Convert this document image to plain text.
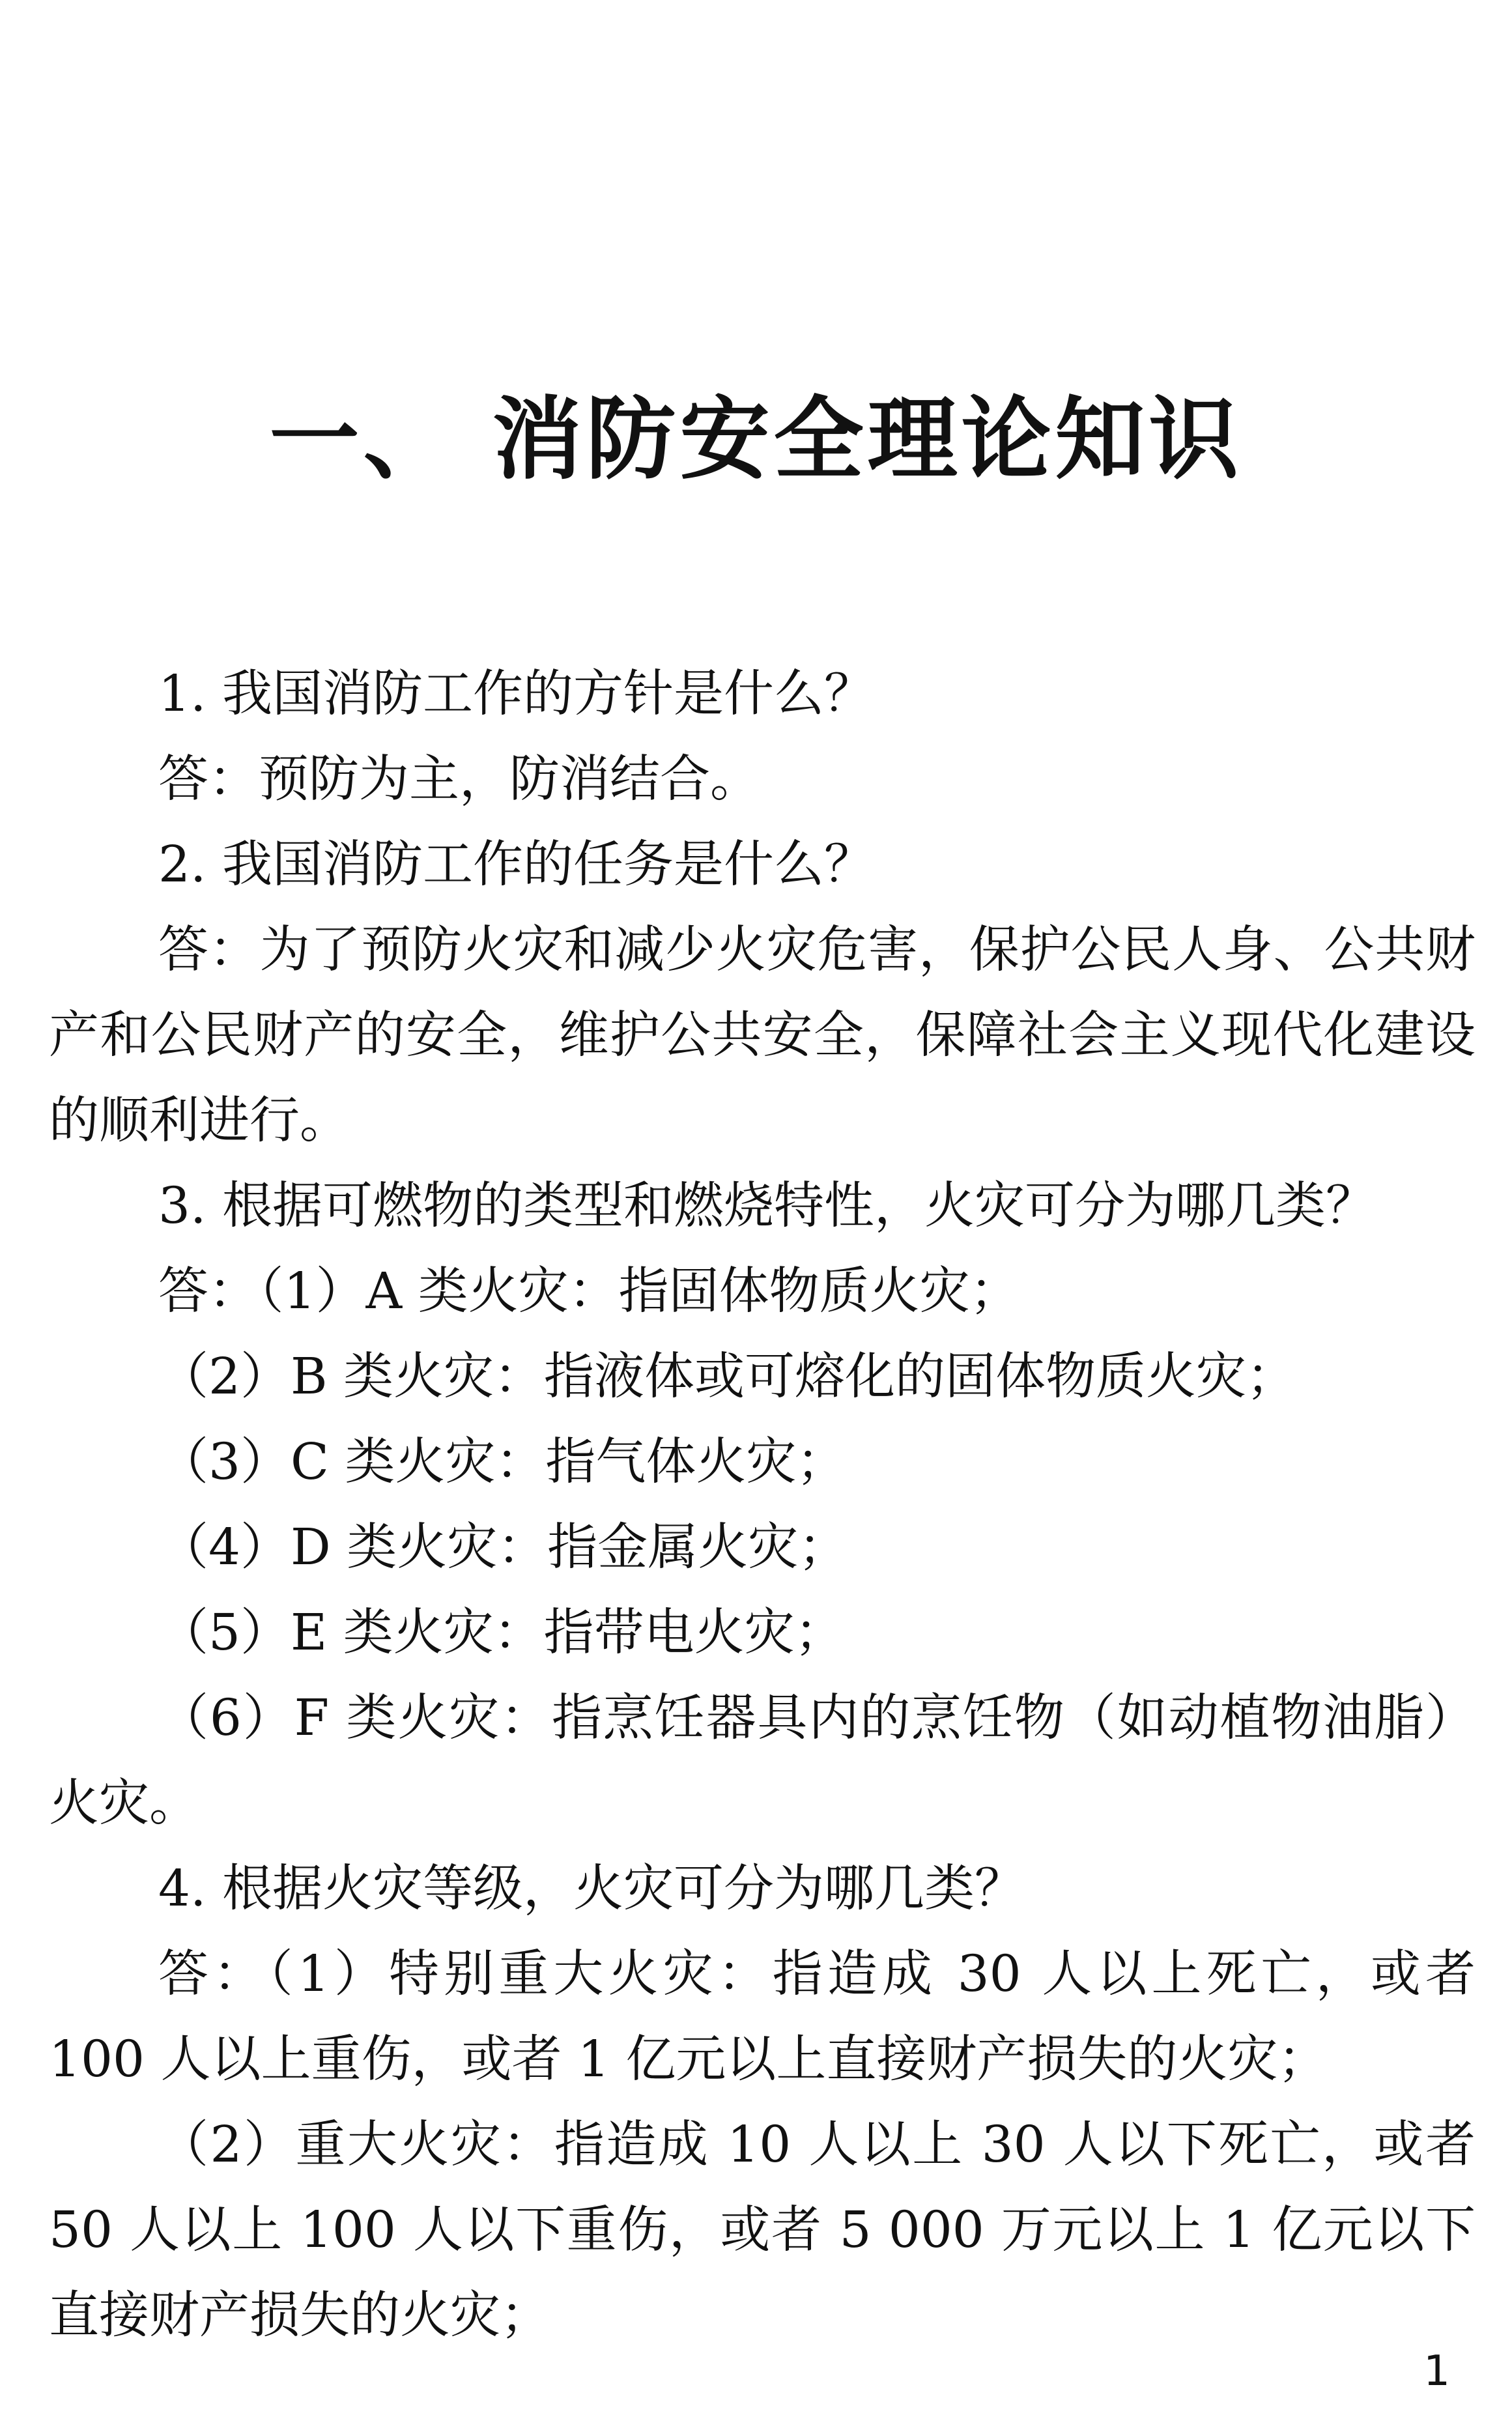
一、 消防安全理论知识

1. 我国消防工作的方针是什么？

答：预防为主，防消结合。

2. 我国消防工作的任务是什么？

答：为了预防火灾和减少火灾危害，保护公民人身、公共财产和公民财产的安全，维护公共安全，保障社会主义现代化建设的顺利进行。

3. 根据可燃物的类型和燃烧特性，火灾可分为哪几类？

答：（1）A 类火灾：指固体物质火灾；

（2）B 类火灾：指液体或可熔化的固体物质火灾；

（3）C 类火灾：指气体火灾；

（4）D 类火灾：指金属火灾；

（5）E 类火灾：指带电火灾；

（6）F 类火灾：指烹饪器具内的烹饪物（如动植物油脂）火灾。

4. 根据火灾等级，火灾可分为哪几类？

答：（1）特别重大火灾：指造成 30 人以上死亡，或者 100 人以上重伤，或者 1 亿元以上直接财产损失的火灾；

（2）重大火灾：指造成 10 人以上 30 人以下死亡，或者 50 人以上 100 人以下重伤，或者 5 000 万元以上 1 亿元以下直接财产损失的火灾；

1
